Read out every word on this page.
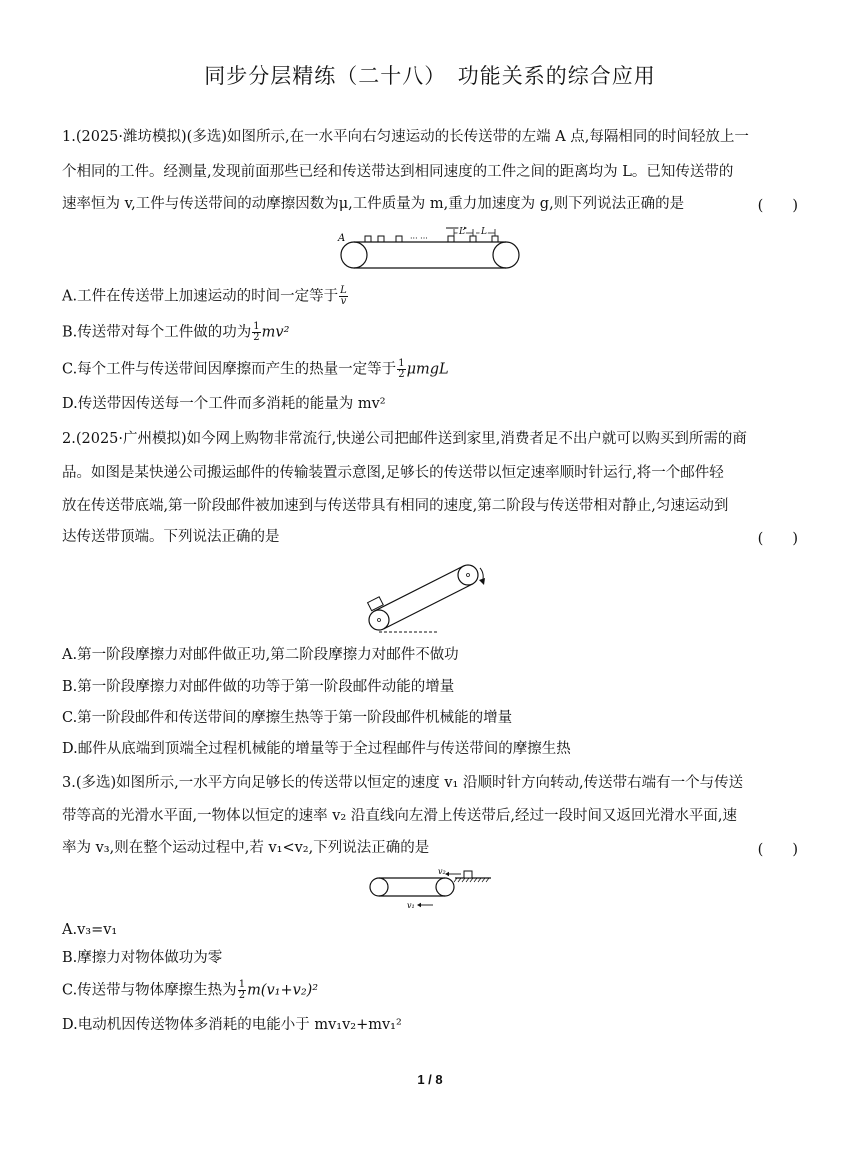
同步分层精练（二十八）　功能关系的综合应用
1.(2025·潍坊模拟)(多选)如图所示,在一水平向右匀速运动的长传送带的左端 A 点,每隔相同的时间轻放上一
个相同的工件。经测量,发现前面那些已经和传送带达到相同速度的工件之间的距离均为 L。已知传送带的
速率恒为 v,工件与传送带间的动摩擦因数为μ,工件质量为 m,重力加速度为 g,则下列说法正确的是	(　　)
A	··· ···
L L
A.工件在传送带上加速运动的时间一定等于 $\frac{L}{v}$
B.传送带对每个工件做的功为 $\frac{1}{2} mv^2$
C.每个工件与传送带间因摩擦而产生的热量一定等于 $\frac{1}{2}$ μmgL
D.传送带因传送每一个工件而多消耗的能量为 mv²
2.(2025·广州模拟)如今网上购物非常流行,快递公司把邮件送到家里,消费者足不出户就可以购买到所需的商
品。如图是某快递公司搬运邮件的传输装置示意图,足够长的传送带以恒定速率顺时针运行,将一个邮件轻
放在传送带底端,第一阶段邮件被加速到与传送带具有相同的速度,第二阶段与传送带相对静止,匀速运动到
达传送带顶端。下列说法正确的是	(　　)
A.第一阶段摩擦力对邮件做正功,第二阶段摩擦力对邮件不做功
B.第一阶段摩擦力对邮件做的功等于第一阶段邮件动能的增量
C.第一阶段邮件和传送带间的摩擦生热等于第一阶段邮件机械能的增量
D.邮件从底端到顶端全过程机械能的增量等于全过程邮件与传送带间的摩擦生热
3.(多选)如图所示,一水平方向足够长的传送带以恒定的速度 v₁ 沿顺时针方向转动,传送带右端有一个与传送
带等高的光滑水平面,一物体以恒定的速率 v₂ 沿直线向左滑上传送带后,经过一段时间又返回光滑水平面,速
率为 v₃,则在整个运动过程中,若 v₁<v₂,下列说法正确的是	(　　)
v₂
v₁
A.v₃=v₁
B.摩擦力对物体做功为零
C.传送带与物体摩擦生热为 $\frac{1}{2} m(v_1+v_2)^2$
D.电动机因传送物体多消耗的电能小于 mv₁v₂+mv₁²
1 / 8
